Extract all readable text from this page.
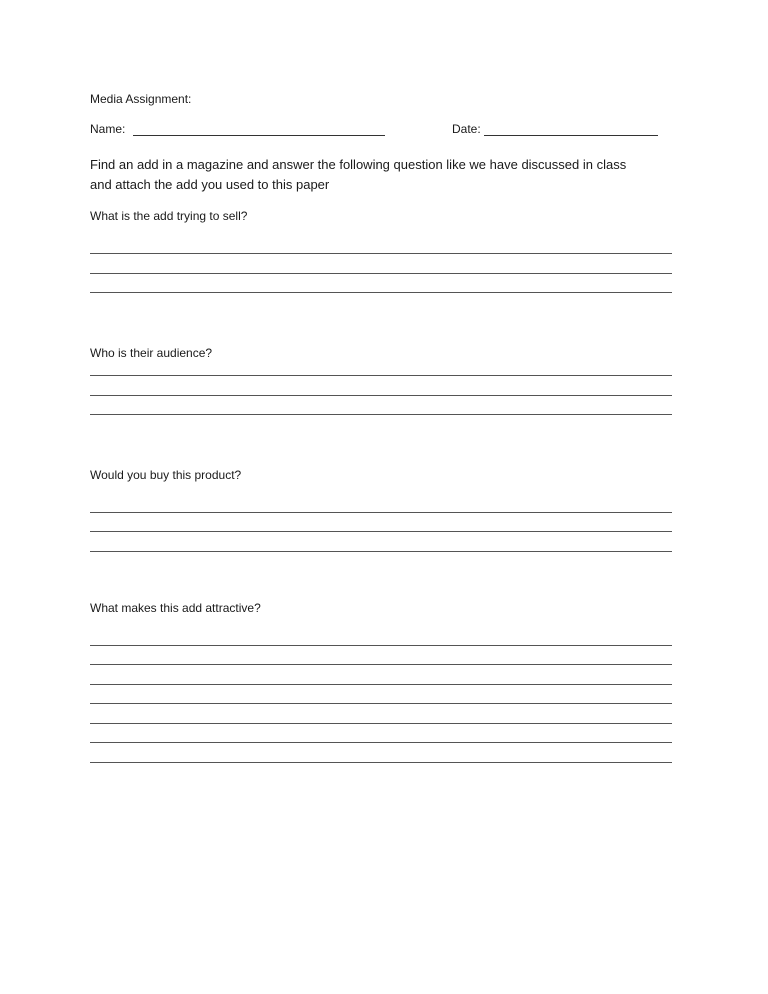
Media Assignment:
Name:	Date:
Find an add in a magazine and answer the following question like we have discussed in class
and attach the add you used to this paper
What is the add trying to sell?
Who is their audience?
Would you buy this product?
What makes this add attractive?
